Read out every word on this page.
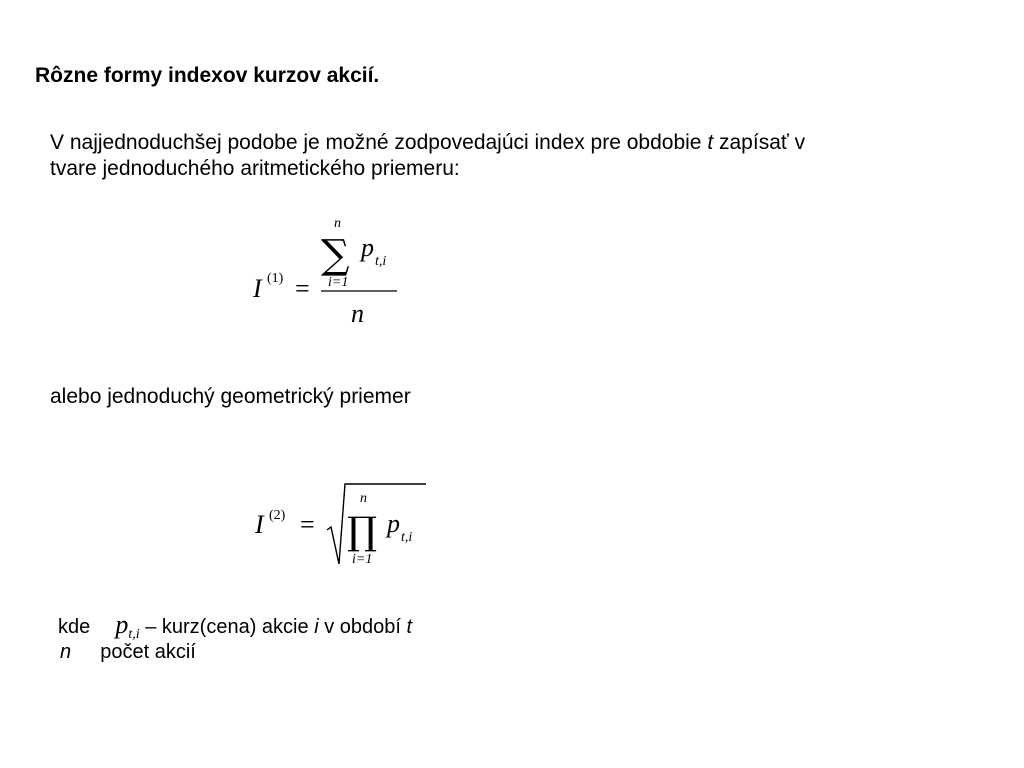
Rôzne formy indexov kurzov akcií.

V najjednoduchšej podobe je možné zodpovedajúci index pre obdobie t zapísať v

tvare jednoduchého aritmetického priemeru:
I (1) =
n
∑
i=1
p t,i
n
alebo jednoduchý geometrický priemer
I (2) =
n
∏
i=1
p t,i
kde $p_{t,i}$ – kurz(cena) akcie i v období t
n počet akcií
